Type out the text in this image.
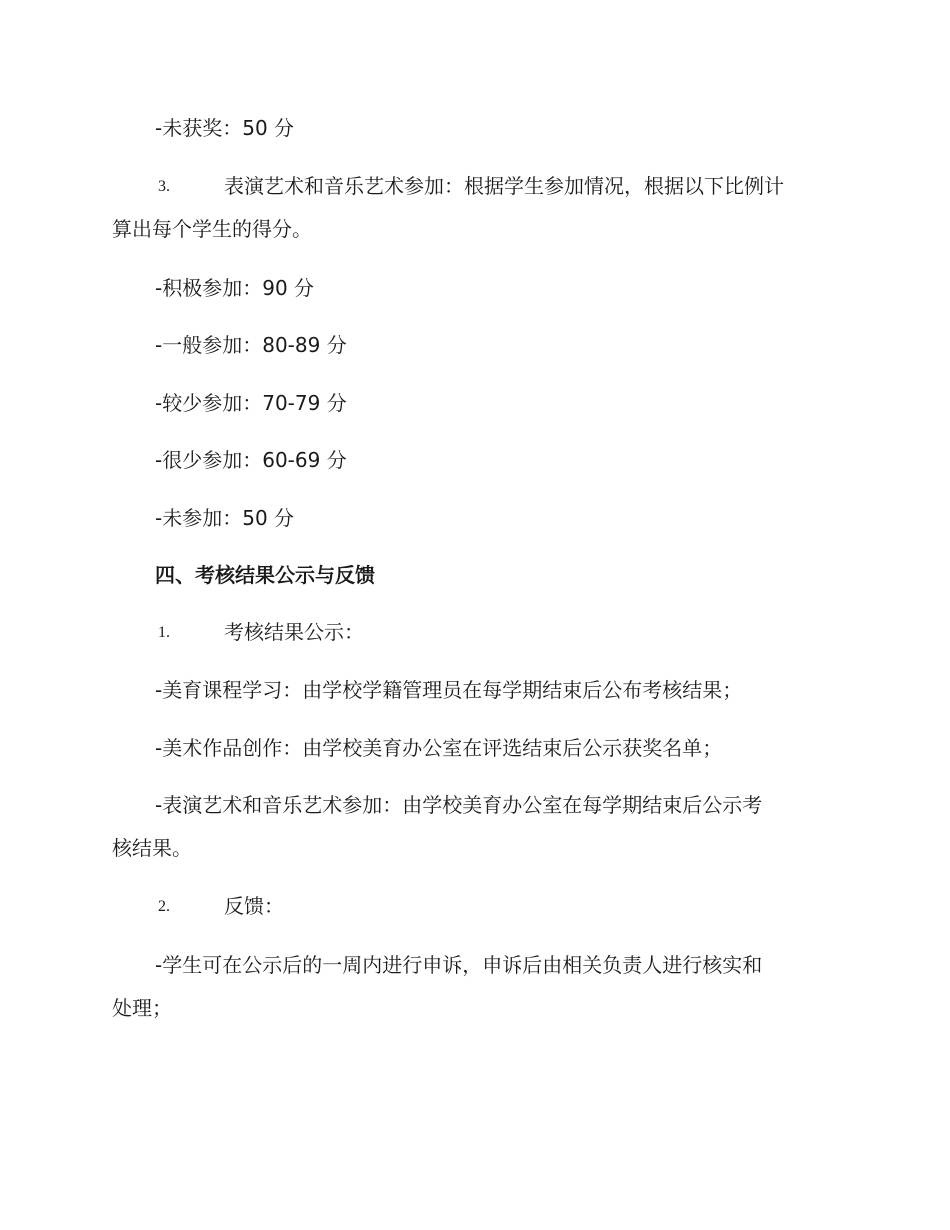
-未获奖：50 分

3.	表演艺术和音乐艺术参加：根据学生参加情况，根据以下比例计

算出每个学生的得分。

-积极参加：90 分

-一般参加：80-89 分

-较少参加：70-79 分

-很少参加：60-69 分

-未参加：50 分

四、考核结果公示与反馈

1.	考核结果公示：

-美育课程学习：由学校学籍管理员在每学期结束后公布考核结果；

-美术作品创作：由学校美育办公室在评选结束后公示获奖名单；

-表演艺术和音乐艺术参加：由学校美育办公室在每学期结束后公示考

核结果。

2.	反馈：

-学生可在公示后的一周内进行申诉，申诉后由相关负责人进行核实和

处理；
